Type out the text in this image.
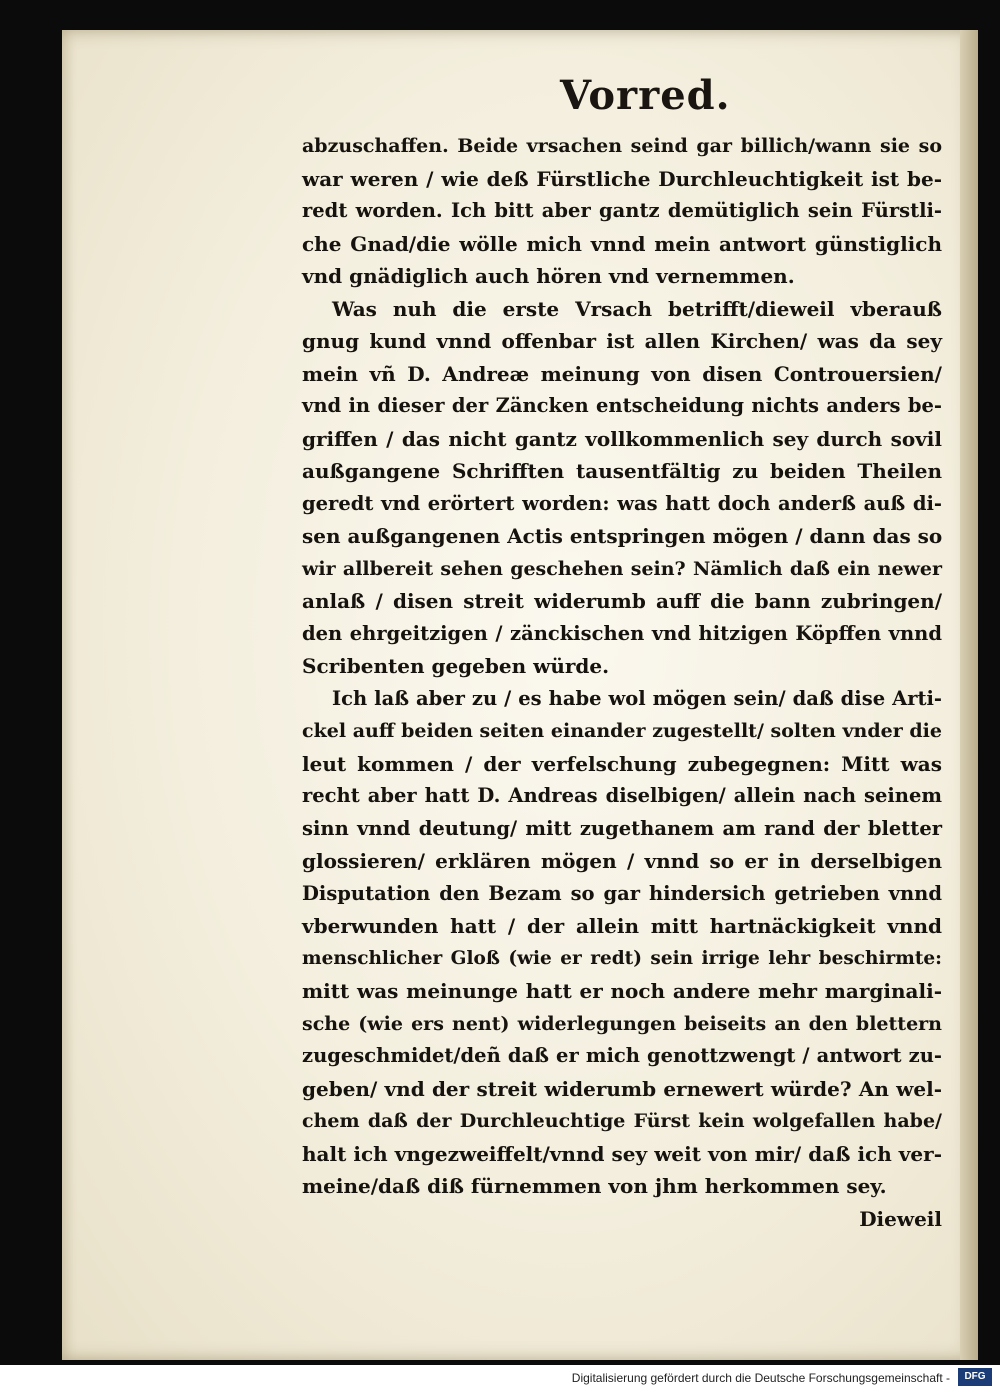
Vorred.
abzuschaffen. Beide vrsachen seind gar billich/wann sie so
war weren / wie deß Fürstliche Durchleuchtigkeit ist be-
redt worden. Ich bitt aber gantz demütiglich sein Fürstli-
che Gnad/die wölle mich vnnd mein antwort günstiglich
vnd gnädiglich auch hören vnd vernemmen.
Was nuh die erste Vrsach betrifft/dieweil vberauß
gnug kund vnnd offenbar ist allen Kirchen/ was da sey
mein vñ D. Andreæ meinung von disen Controuersien/
vnd in dieser der Zäncken entscheidung nichts anders be-
griffen / das nicht gantz vollkommenlich sey durch sovil
außgangene Schrifften tausentfältig zu beiden Theilen
geredt vnd erörtert worden: was hatt doch anderß auß di-
sen außgangenen Actis entspringen mögen / dann das so
wir allbereit sehen geschehen sein? Nämlich daß ein newer
anlaß / disen streit widerumb auff die bann zubringen/
den ehrgeitzigen / zänckischen vnd hitzigen Köpffen vnnd
Scribenten gegeben würde.
Ich laß aber zu / es habe wol mögen sein/ daß dise Arti-
ckel auff beiden seiten einander zugestellt/ solten vnder die
leut kommen / der verfelschung zubegegnen: Mitt was
recht aber hatt D. Andreas diselbigen/ allein nach seinem
sinn vnnd deutung/ mitt zugethanem am rand der bletter
glossieren/ erklären mögen / vnnd so er in derselbigen
Disputation den Bezam so gar hindersich getrieben vnnd
vberwunden hatt / der allein mitt hartnäckigkeit vnnd
menschlicher Gloß (wie er redt) sein irrige lehr beschirmte:
mitt was meinunge hatt er noch andere mehr marginali-
sche (wie ers nent) widerlegungen beiseits an den blettern
zugeschmidet/deñ daß er mich genottzwengt / antwort zu-
geben/ vnd der streit widerumb ernewert würde? An wel-
chem daß der Durchleuchtige Fürst kein wolgefallen habe/
halt ich vngezweiffelt/vnnd sey weit von mir/ daß ich ver-
meine/daß diß fürnemmen von jhm herkommen sey.
Dieweil
Digitalisierung gefördert durch die Deutsche Forschungsgemeinschaft -	DFG
